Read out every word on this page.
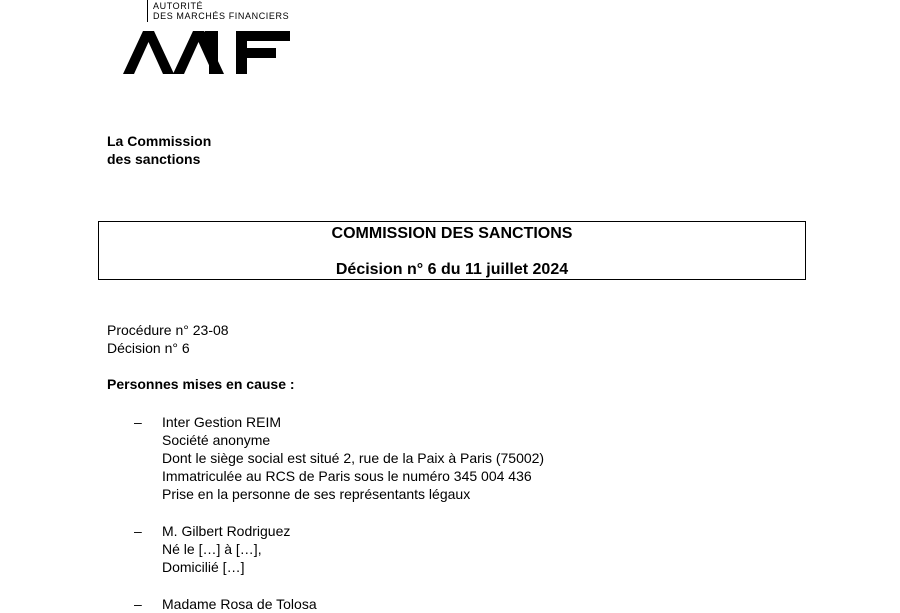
AUTORITÉ
DES MARCHÉS FINANCIERS
La Commission
des sanctions
COMMISSION DES SANCTIONS
Décision n° 6 du 11 juillet 2024
Procédure n° 23-08
Décision n° 6
Personnes mises en cause :
– Inter Gestion REIM
Société anonyme
Dont le siège social est situé 2, rue de la Paix à Paris (75002)
Immatriculée au RCS de Paris sous le numéro 345 004 436
Prise en la personne de ses représentants légaux
– M. Gilbert Rodriguez
Né le […] à […],
Domicilié […]
– Madame Rosa de Tolosa
